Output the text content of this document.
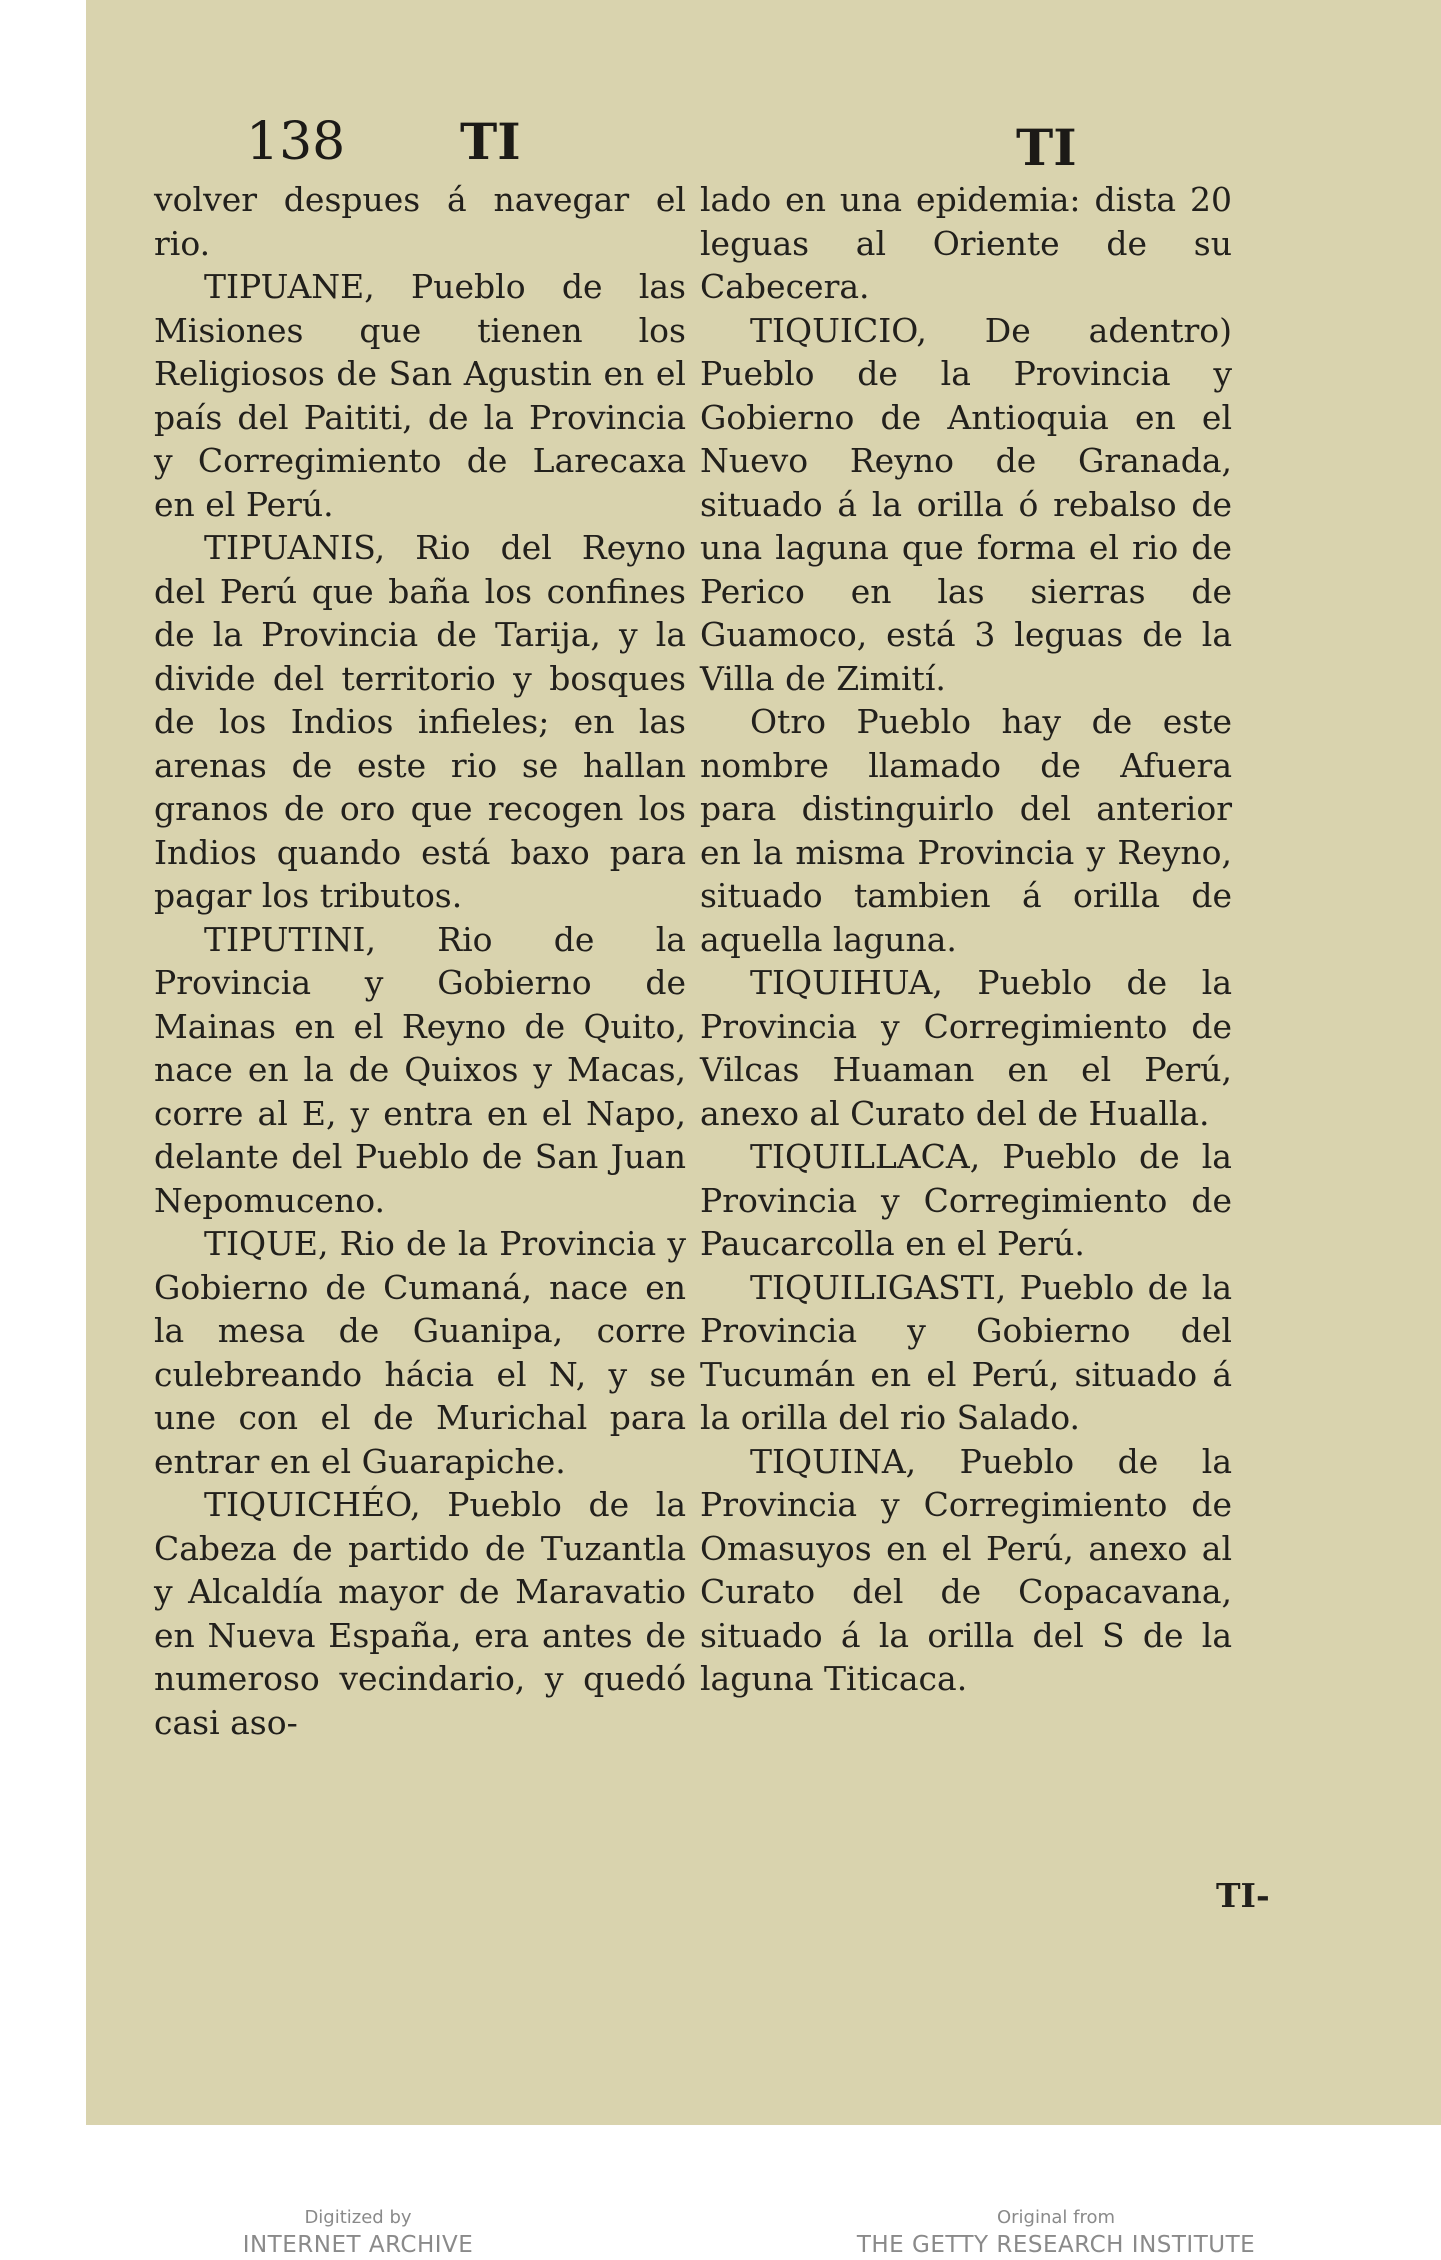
138 TI	TI

volver despues á navegar el rio.

TIPUANE, Pueblo de las Misiones que tienen los Religiosos de San Agustin en el país del Paititi, de la Provincia y Corregimiento de Larecaxa en el Perú.

TIPUANIS, Rio del Reyno del Perú que baña los confines de la Provincia de Tarija, y la divide del territorio y bosques de los Indios infieles; en las arenas de este rio se hallan granos de oro que recogen los Indios quando está baxo para pagar los tributos.

TIPUTINI, Rio de la Provincia y Gobierno de Mainas en el Reyno de Quito, nace en la de Quixos y Macas, corre al E, y entra en el Napo, delante del Pueblo de San Juan Nepomuceno.

TIQUE, Rio de la Provincia y Gobierno de Cumaná, nace en la mesa de Guanipa, corre culebreando hácia el N, y se une con el de Murichal para entrar en el Guarapiche.

TIQUICHÉO, Pueblo de la Cabeza de partido de Tuzantla y Alcaldía mayor de Maravatio en Nueva España, era antes de numeroso vecindario, y quedó casi aso-

lado en una epidemia: dista 20 leguas al Oriente de su Cabecera.

TIQUICIO, De adentro) Pueblo de la Provincia y Gobierno de Antioquia en el Nuevo Reyno de Granada, situado á la orilla ó rebalso de una laguna que forma el rio de Perico en las sierras de Guamoco, está 3 leguas de la Villa de Zimití.

Otro Pueblo hay de este nombre llamado de Afuera para distinguirlo del anterior en la misma Provincia y Reyno, situado tambien á orilla de aquella laguna.

TIQUIHUA, Pueblo de la Provincia y Corregimiento de Vilcas Huaman en el Perú, anexo al Curato del de Hualla.

TIQUILLACA, Pueblo de la Provincia y Corregimiento de Paucarcolla en el Perú.

TIQUILIGASTI, Pueblo de la Provincia y Gobierno del Tucumán en el Perú, situado á la orilla del rio Salado.

TIQUINA, Pueblo de la Provincia y Corregimiento de Omasuyos en el Perú, anexo al Curato del de Copacavana, situado á la orilla del S de la laguna Titicaca.

TI-
Digitized by
INTERNET ARCHIVE
Original from
THE GETTY RESEARCH INSTITUTE
